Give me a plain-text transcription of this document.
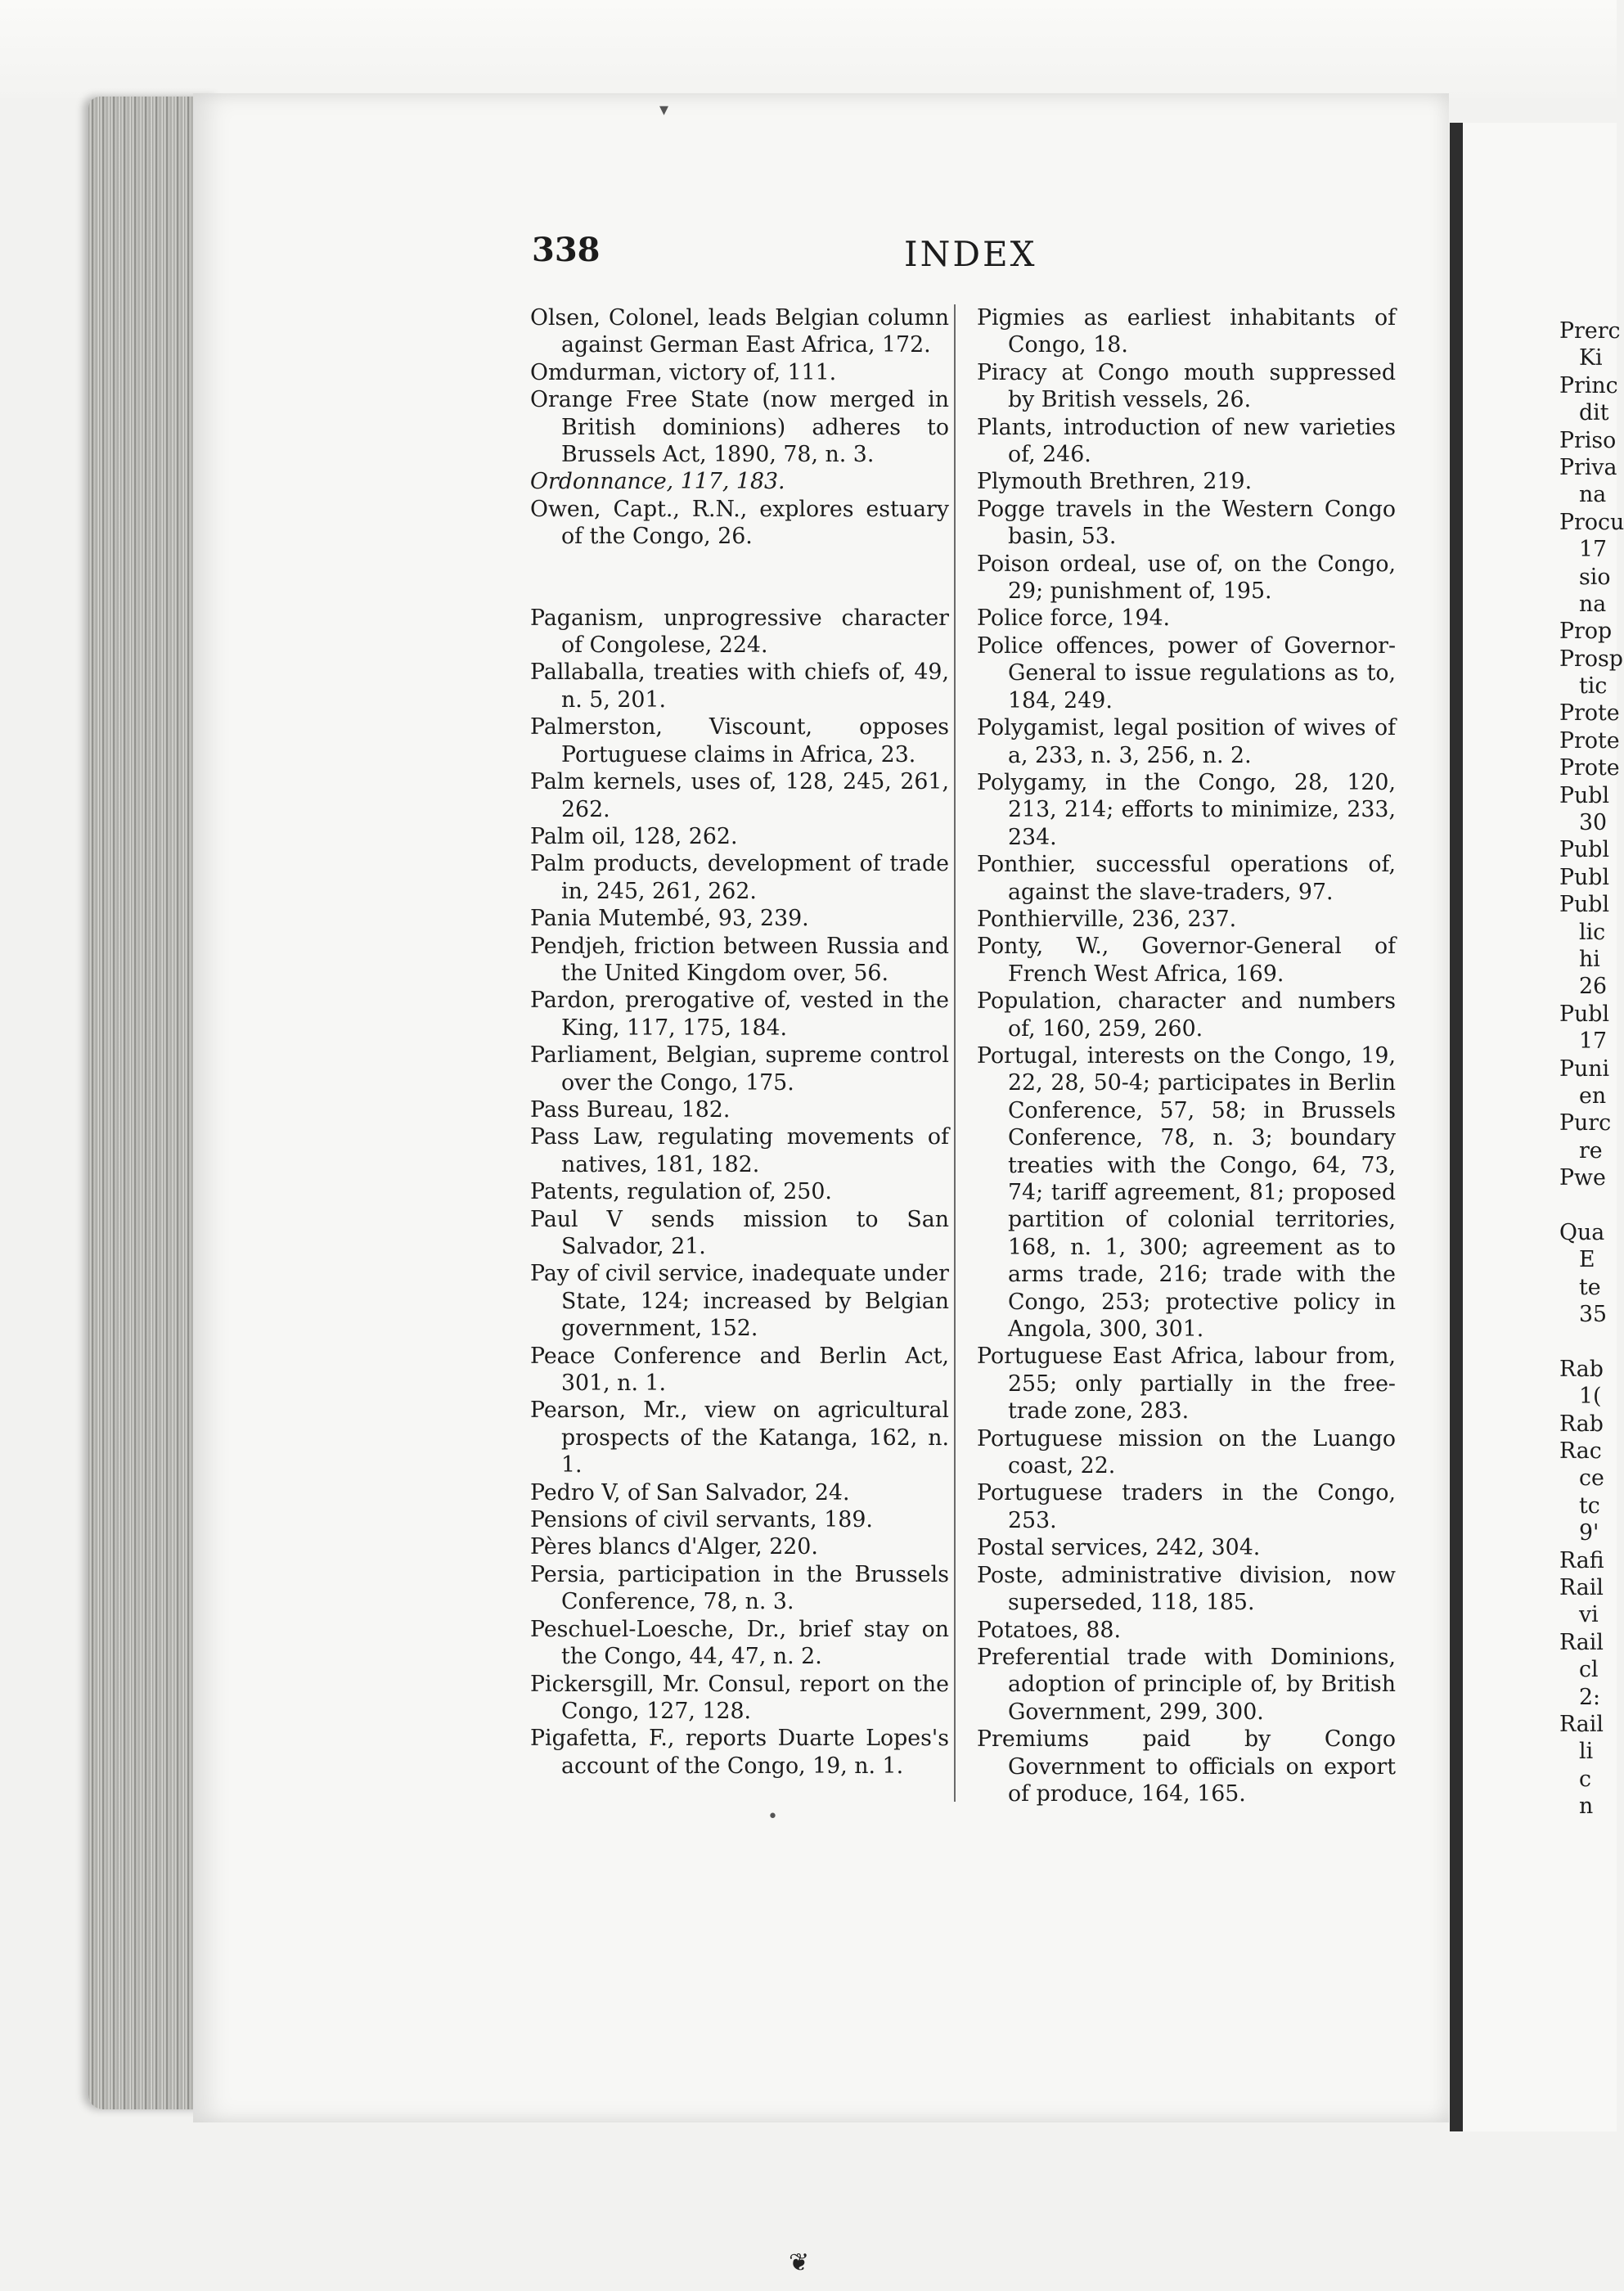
▾
338	INDEX

Olsen, Colonel, leads Belgian column against German East Africa, 172.

Omdurman, victory of, 111.

Orange Free State (now merged in British dominions) adheres to Brussels Act, 1890, 78, n. 3.

Ordonnance, 117, 183.

Owen, Capt., R.N., explores estuary of the Congo, 26.

Paganism, unprogressive character of Congolese, 224.

Pallaballa, treaties with chiefs of, 49, n. 5, 201.

Palmerston, Viscount, opposes Portuguese claims in Africa, 23.

Palm kernels, uses of, 128, 245, 261, 262.

Palm oil, 128, 262.

Palm products, development of trade in, 245, 261, 262.

Pania Mutembé, 93, 239.

Pendjeh, friction between Russia and the United Kingdom over, 56.

Pardon, prerogative of, vested in the King, 117, 175, 184.

Parliament, Belgian, supreme control over the Congo, 175.

Pass Bureau, 182.

Pass Law, regulating movements of natives, 181, 182.

Patents, regulation of, 250.

Paul V sends mission to San Salvador, 21.

Pay of civil service, inadequate under State, 124; increased by Belgian government, 152.

Peace Conference and Berlin Act, 301, n. 1.

Pearson, Mr., view on agricultural prospects of the Katanga, 162, n. 1.

Pedro V, of San Salvador, 24.

Pensions of civil servants, 189.

Pères blancs d'Alger, 220.

Persia, participation in the Brussels Conference, 78, n. 3.

Peschuel-Loesche, Dr., brief stay on the Congo, 44, 47, n. 2.

Pickersgill, Mr. Consul, report on the Congo, 127, 128.

Pigafetta, F., reports Duarte Lopes's account of the Congo, 19, n. 1.

Pigmies as earliest inhabitants of Congo, 18.

Piracy at Congo mouth suppressed by British vessels, 26.

Plants, introduction of new varieties of, 246.

Plymouth Brethren, 219.

Pogge travels in the Western Congo basin, 53.

Poison ordeal, use of, on the Congo, 29; punishment of, 195.

Police force, 194.

Police offences, power of Governor-General to issue regulations as to, 184, 249.

Polygamist, legal position of wives of a, 233, n. 3, 256, n. 2.

Polygamy, in the Congo, 28, 120, 213, 214; efforts to minimize, 233, 234.

Ponthier, successful operations of, against the slave-traders, 97.

Ponthierville, 236, 237.

Ponty, W., Governor-General of French West Africa, 169.

Population, character and numbers of, 160, 259, 260.

Portugal, interests on the Congo, 19, 22, 28, 50-4; participates in Berlin Conference, 57, 58; in Brussels Conference, 78, n. 3; boundary treaties with the Congo, 64, 73, 74; tariff agreement, 81; proposed partition of colonial territories, 168, n. 1, 300; agreement as to arms trade, 216; trade with the Congo, 253; protective policy in Angola, 300, 301.

Portuguese East Africa, labour from, 255; only partially in the free-trade zone, 283.

Portuguese mission on the Luango coast, 22.

Portuguese traders in the Congo, 253.

Postal services, 242, 304.

Poste, administrative division, now superseded, 118, 185.

Potatoes, 88.

Preferential trade with Dominions, adoption of principle of, by British Government, 299, 300.

Premiums paid by Congo Government to officials on export of produce, 164, 165.

Prerc
Ki
Princ
dit
Priso
Priva
na
Procu
17
sio
na
Prop
Prosp
tic
Prote
Prote
Prote
Publ
30
Publ
Publ
Publ
lic
hi
26
Publ
17
Puni
en
Purc
re
Pwe
Qua
E
te
35
Rab
1(
Rab
Rac
ce
tc
9'
Rafi
Rail
vi
Rail
cl
2:
Rail
li
c
n
•
❦
